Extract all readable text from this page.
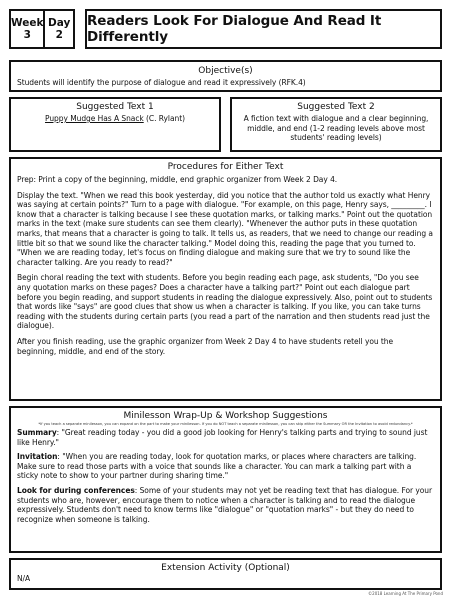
Week
3
Day
2
Readers Look For Dialogue And Read It Differently
Objective(s)
Students will identify the purpose of dialogue and read it expressively (RFK.4)
Suggested Text 1
Puppy Mudge Has A Snack (C. Rylant)
Suggested Text 2
A fiction text with dialogue and a clear beginning, middle, and end (1-2 reading levels above most students' reading levels)
Procedures for Either Text

Prep: Print a copy of the beginning, middle, end graphic organizer from Week 2 Day 4.

Display the text. "When we read this book yesterday, did you notice that the author told us exactly what Henry was saying at certain points?" Turn to a page with dialogue. "For example, on this page, Henry says, _________. I know that a character is talking because I see these quotation marks, or talking marks." Point out the quotation marks in the text (make sure students can see them clearly). "Whenever the author puts in these quotation marks, that means that a character is going to talk. It tells us, as readers, that we need to change our reading a little bit so that we sound like the character talking." Model doing this, reading the page that you turned to. "When we are reading today, let's focus on finding dialogue and making sure that we try to sound like the character talking. Are you ready to read?"

Begin choral reading the text with students. Before you begin reading each page, ask students, "Do you see any quotation marks on these pages? Does a character have a talking part?" Point out each dialogue part before you begin reading, and support students in reading the dialogue expressively. Also, point out to students that words like "says" are good clues that show us when a character is talking. If you like, you can take turns reading with the students during certain parts (you read a part of the narration and then students read just the dialogue).

After you finish reading, use the graphic organizer from Week 2 Day 4 to have students retell you the beginning, middle, and end of the story.

Minilesson Wrap-Up & Workshop Suggestions
*If you teach a separate minilesson, you can expand on the part to make your minilesson. If you do NOT teach a separate minilesson, you can skip either the Summary OR the Invitation to avoid redundancy.*

Summary: "Great reading today - you did a good job looking for Henry's talking parts and trying to sound just like Henry."

Invitation: "When you are reading today, look for quotation marks, or places where characters are talking. Make sure to read those parts with a voice that sounds like a character. You can mark a talking part with a sticky note to show to your partner during sharing time."

Look for during conferences: Some of your students may not yet be reading text that has dialogue. For your students who are, however, encourage them to notice when a character is talking and to read the dialogue expressively. Students don't need to know terms like "dialogue" or "quotation marks" - but they do need to recognize when someone is talking.

Extension Activity (Optional)
N/A
©2018 Learning At The Primary Pond
